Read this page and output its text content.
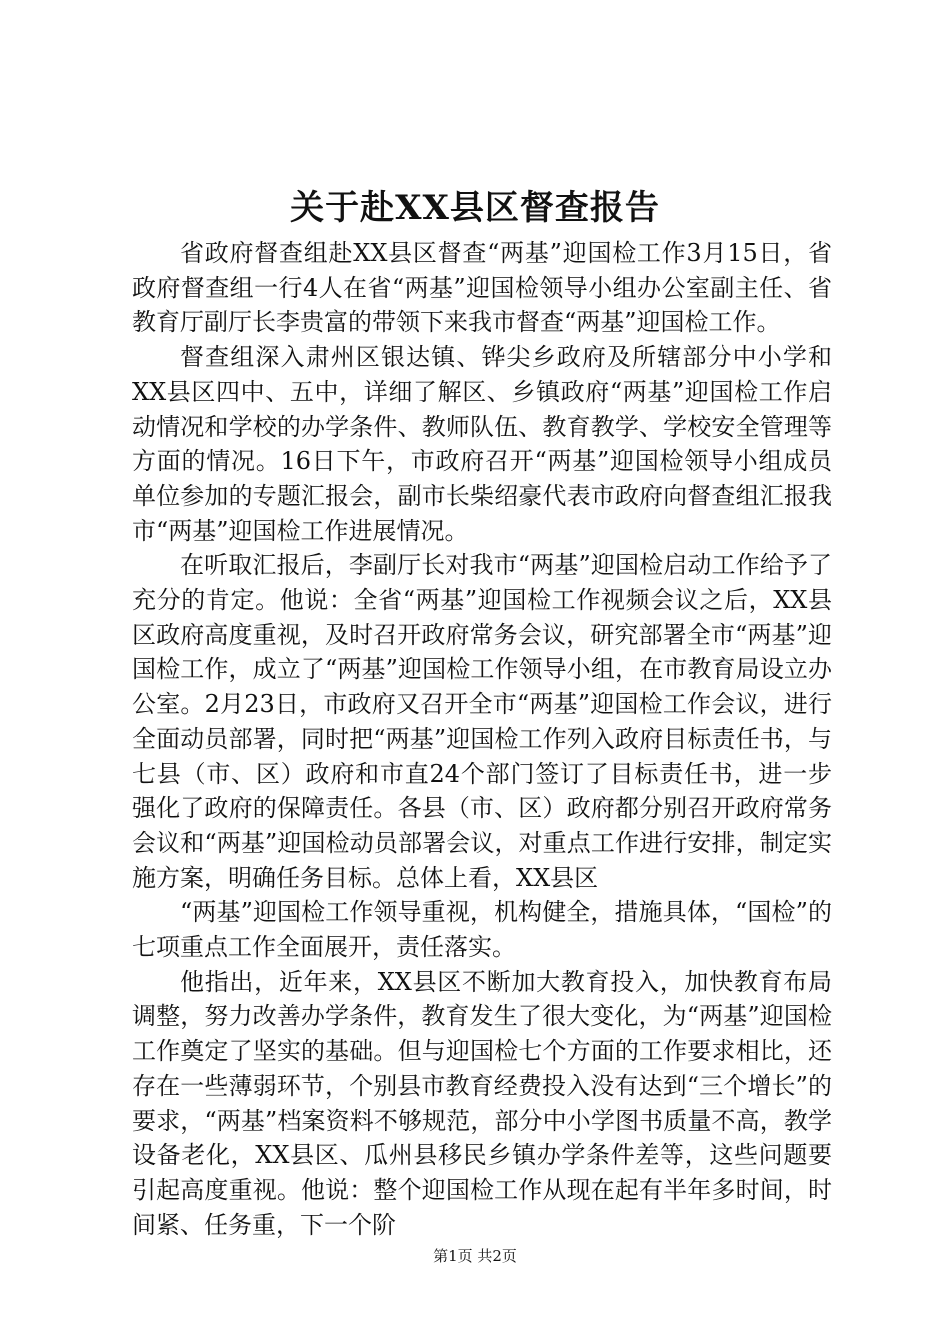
关于赴XX县区督查报告

省政府督查组赴XX县区督查“两基”迎国检工作3月15日，省政府督查组一行4人在省“两基”迎国检领导小组办公室副主任、省教育厅副厅长李贵富的带领下来我市督查“两基”迎国检工作。

督查组深入肃州区银达镇、铧尖乡政府及所辖部分中小学和XX县区四中、五中，详细了解区、乡镇政府“两基”迎国检工作启动情况和学校的办学条件、教师队伍、教育教学、学校安全管理等方面的情况。16日下午，市政府召开“两基”迎国检领导小组成员单位参加的专题汇报会，副市长柴绍豪代表市政府向督查组汇报我市“两基”迎国检工作进展情况。

在听取汇报后，李副厅长对我市“两基”迎国检启动工作给予了充分的肯定。他说：全省“两基”迎国检工作视频会议之后，XX县区政府高度重视，及时召开政府常务会议，研究部署全市“两基”迎国检工作，成立了“两基”迎国检工作领导小组，在市教育局设立办公室。2月23日，市政府又召开全市“两基”迎国检工作会议，进行全面动员部署，同时把“两基”迎国检工作列入政府目标责任书，与七县（市、区）政府和市直24个部门签订了目标责任书，进一步强化了政府的保障责任。各县（市、区）政府都分别召开政府常务会议和“两基”迎国检动员部署会议，对重点工作进行安排，制定实施方案，明确任务目标。总体上看，XX县区

“两基”迎国检工作领导重视，机构健全，措施具体，“国检”的七项重点工作全面展开，责任落实。

他指出，近年来，XX县区不断加大教育投入，加快教育布局调整，努力改善办学条件，教育发生了很大变化，为“两基”迎国检工作奠定了坚实的基础。但与迎国检七个方面的工作要求相比，还存在一些薄弱环节，个别县市教育经费投入没有达到“三个增长”的要求，“两基”档案资料不够规范，部分中小学图书质量不高，教学设备老化，XX县区、瓜州县移民乡镇办学条件差等，这些问题要引起高度重视。他说：整个迎国检工作从现在起有半年多时间，时间紧、任务重，下一个阶

第1页 共2页
